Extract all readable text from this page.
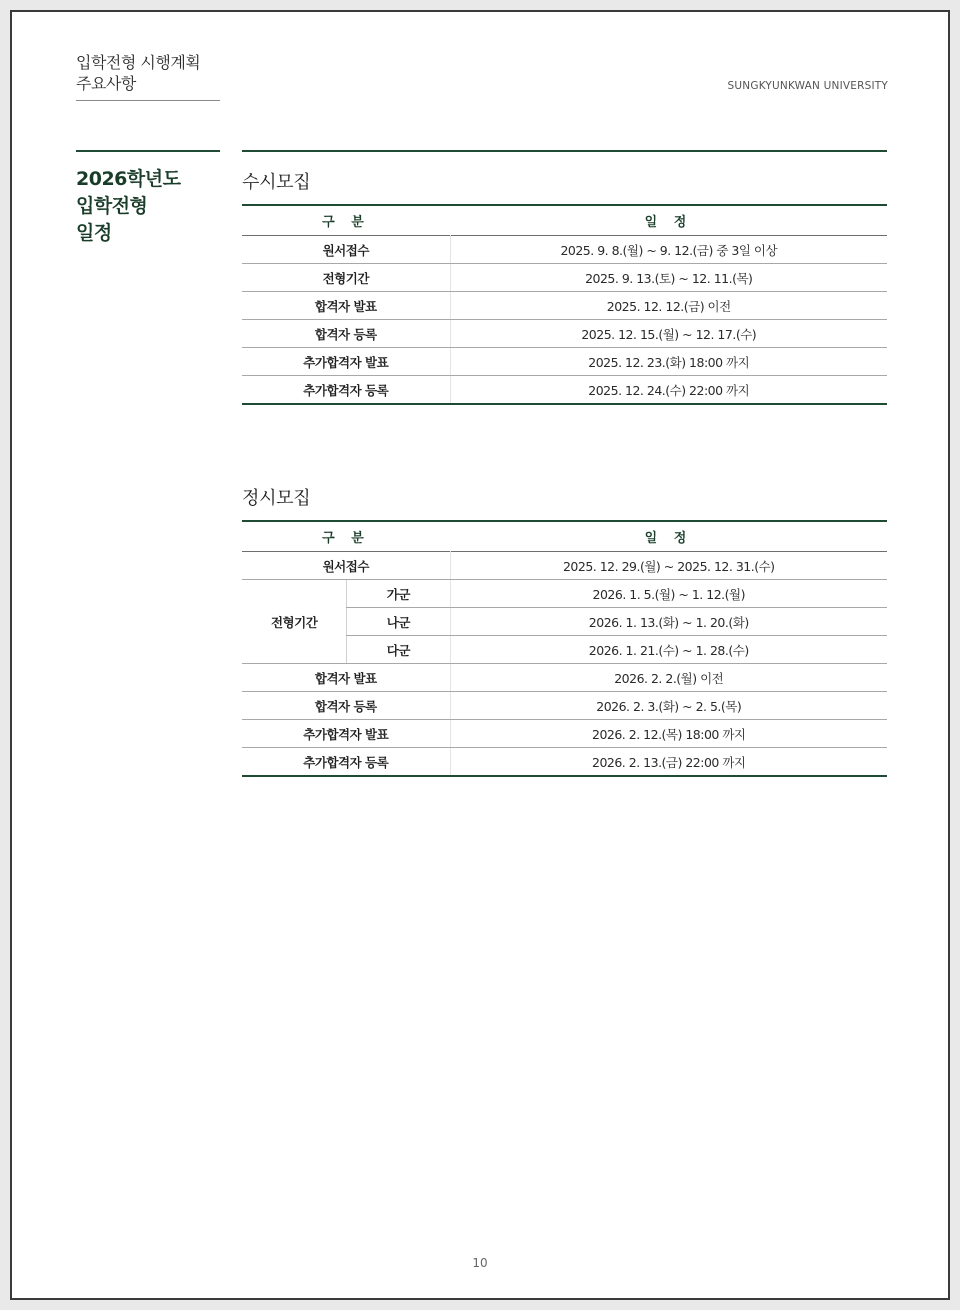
입학전형 시행계획
주요사항	SUNGKYUNKWAN UNIVERSITY
2026학년도
입학전형
일정
수시모집
구 분	일 정
원서접수	2025. 9. 8.(월) ~ 9. 12.(금) 중 3일 이상
전형기간	2025. 9. 13.(토) ~ 12. 11.(목)
합격자 발표	2025. 12. 12.(금) 이전
합격자 등록	2025. 12. 15.(월) ~ 12. 17.(수)
추가합격자 발표	2025. 12. 23.(화) 18:00 까지
추가합격자 등록	2025. 12. 24.(수) 22:00 까지
정시모집
구 분		일 정
원서접수		2025. 12. 29.(월) ~ 2025. 12. 31.(수)
전형기간	가군	2026. 1. 5.(월) ~ 1. 12.(월)
	나군	2026. 1. 13.(화) ~ 1. 20.(화)
	다군	2026. 1. 21.(수) ~ 1. 28.(수)
합격자 발표		2026. 2. 2.(월) 이전
합격자 등록		2026. 2. 3.(화) ~ 2. 5.(목)
추가합격자 발표		2026. 2. 12.(목) 18:00 까지
추가합격자 등록		2026. 2. 13.(금) 22:00 까지
10
